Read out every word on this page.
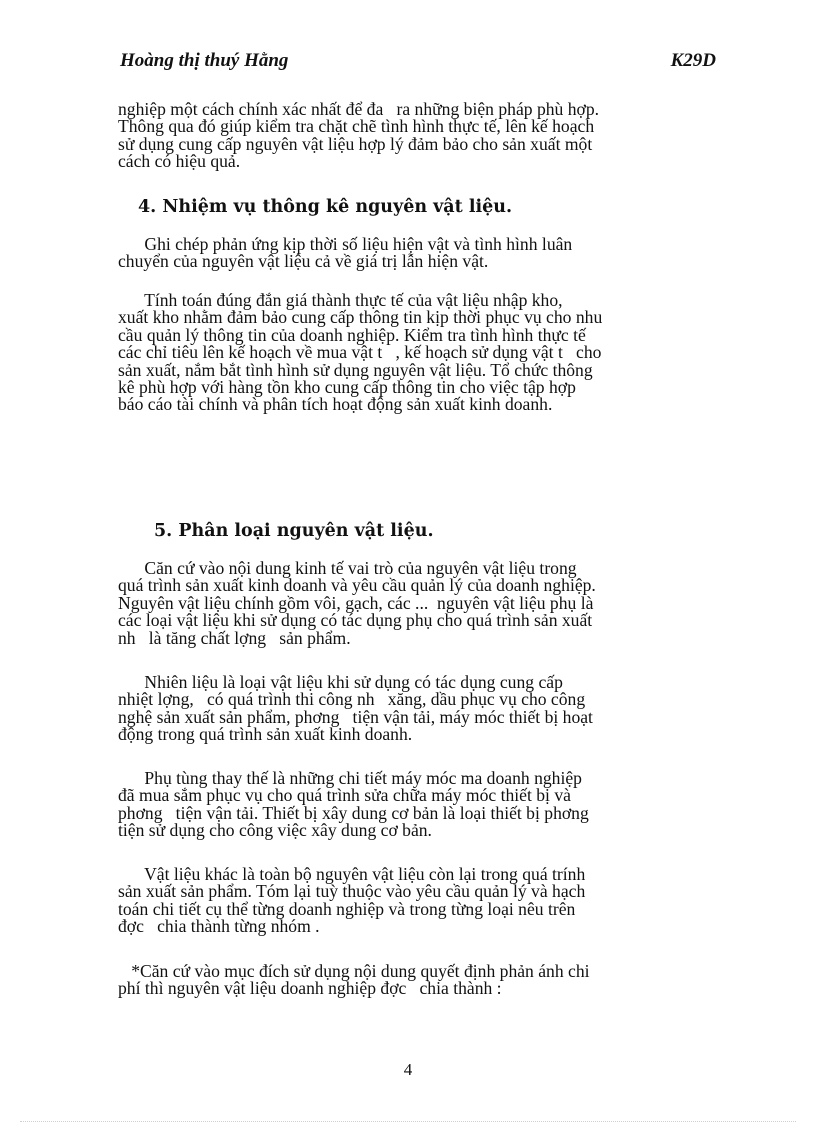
Hoàng thị thuý Hằng	K29D
nghiệp một cách chính xác nhất để đa   ra những biện pháp phù hợp.
Thông qua đó giúp kiểm tra chặt chẽ tình hình thực tế, lên kế hoạch
sử dụng cung cấp nguyên vật liệu hợp lý đảm bảo cho sản xuất một
cách có hiệu quả.
4. Nhiệm vụ thông kê nguyên vật liệu.
Ghi chép phản ứng kịp thời số liệu hiện vật và tình hình luân
chuyển của nguyên vật liệu cả về giá trị lẫn hiện vật.
Tính toán đúng đắn giá thành thực tế của vật liệu nhập kho,
xuất kho nhằm đảm bảo cung cấp thông tin kịp thời phục vụ cho nhu
cầu quản lý thông tin của doanh nghiệp. Kiểm tra tình hình thực tế
các chỉ tiêu lên kế hoạch về mua vật t   , kế hoạch sử dụng vật t   cho
sản xuất, nắm bắt tình hình sử dụng nguyên vật liệu. Tổ chức thông
kê phù hợp với hàng tồn kho cung cấp thông tin cho việc tập hợp
báo cáo tài chính và phân tích hoạt động sản xuất kinh doanh.
5. Phân loại nguyên vật liệu.
Căn cứ vào nội dung kinh tế vai trò của nguyên vật liệu trong
quá trình sản xuất kinh doanh và yêu cầu quản lý của doanh nghiệp.
Nguyên vật liệu chính gồm vôi, gạch, các ...  nguyên vật liệu phụ là
các loại vật liệu khi sử dụng có tác dụng phụ cho quá trình sản xuất
nh   là tăng chất lợng   sản phẩm.
Nhiên liệu là loại vật liệu khi sử dụng có tác dụng cung cấp
nhiệt lợng,   có quá trình thi công nh   xăng, dầu phục vụ cho công
nghệ sản xuất sản phẩm, phơng   tiện vận tải, máy móc thiết bị hoạt
động trong quá trình sản xuất kinh doanh.
Phụ tùng thay thế là những chi tiết máy móc ma doanh nghiệp
đã mua sắm phục vụ cho quá trình sửa chữa máy móc thiết bị và
phơng   tiện vận tải. Thiết bị xây dung cơ bản là loại thiết bị phơng
tiện sử dụng cho công việc xây dung cơ bản.
Vật liệu khác là toàn bộ nguyên vật liệu còn lại trong quá trính
sản xuất sản phẩm. Tóm lại tuỳ thuộc vào yêu cầu quản lý và hạch
toán chi tiết cụ thể từng doanh nghiệp và trong từng loại nêu trên
đợc   chia thành từng nhóm .
*Căn cứ vào mục đích sử dụng nội dung quyết định phản ánh chi
phí thì nguyên vật liệu doanh nghiệp đợc   chia thành :
4
